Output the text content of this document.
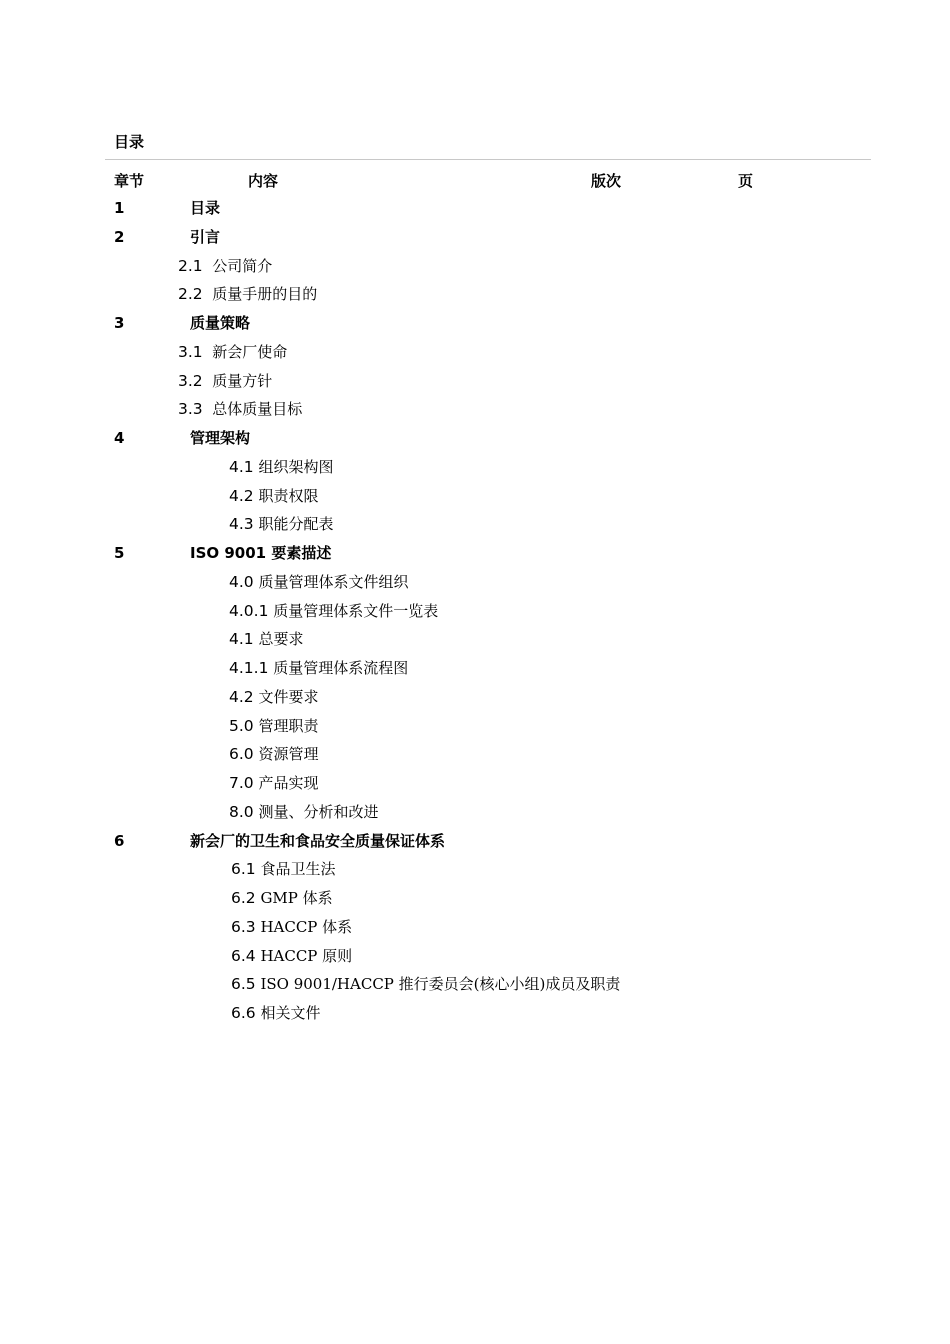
目录
章节	内容	版次	页
1	目录
2	引言
2.1 公司简介
2.2 质量手册的目的
3	质量策略
3.1 新会厂使命
3.2 质量方针
3.3 总体质量目标
4	管理架构
4.1 组织架构图
4.2 职责权限
4.3 职能分配表
5	ISO 9001 要素描述
4.0 质量管理体系文件组织
4.0.1 质量管理体系文件一览表
4.1 总要求
4.1.1 质量管理体系流程图
4.2 文件要求
5.0 管理职责
6.0 资源管理
7.0 产品实现
8.0 测量、分析和改进
6	新会厂的卫生和食品安全质量保证体系
6.1 食品卫生法
6.2 GMP 体系
6.3 HACCP 体系
6.4 HACCP 原则
6.5 ISO 9001/HACCP 推行委员会(核心小组)成员及职责
6.6 相关文件
